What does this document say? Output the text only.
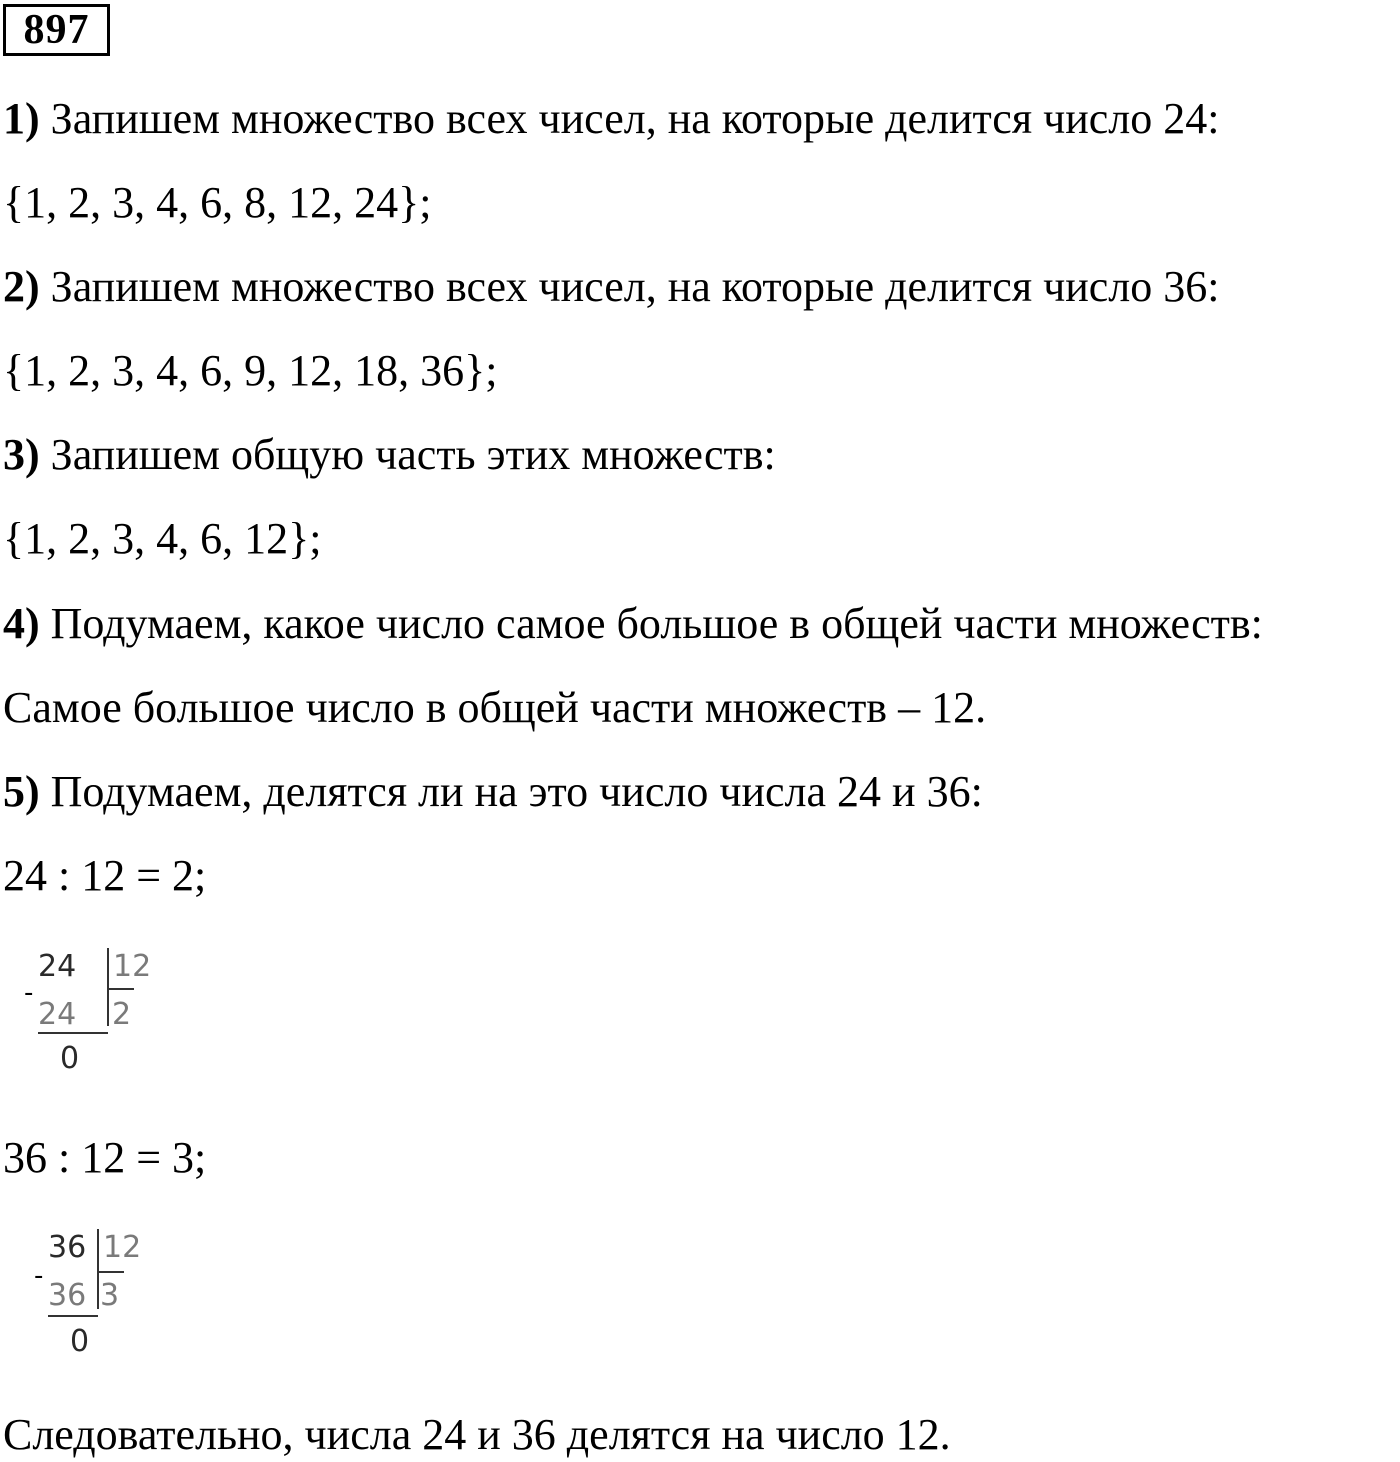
897
1) Запишем множество всех чисел, на которые делится число 24:
{1, 2, 3, 4, 6, 8, 12, 24};
2) Запишем множество всех чисел, на которые делится число 36:
{1, 2, 3, 4, 6, 9, 12, 18, 36};
3) Запишем общую часть этих множеств:
{1, 2, 3, 4, 6, 12};
4) Подумаем, какое число самое большое в общей части множеств:
Самое большое число в общей части множеств – 12.
5) Подумаем, делятся ли на это число числа 24 и 36:
24 : 12 = 2;
24 12
-
24 2
0
36 : 12 = 3;
36 12
-
36 3
0
Следовательно, числа 24 и 36 делятся на число 12.
